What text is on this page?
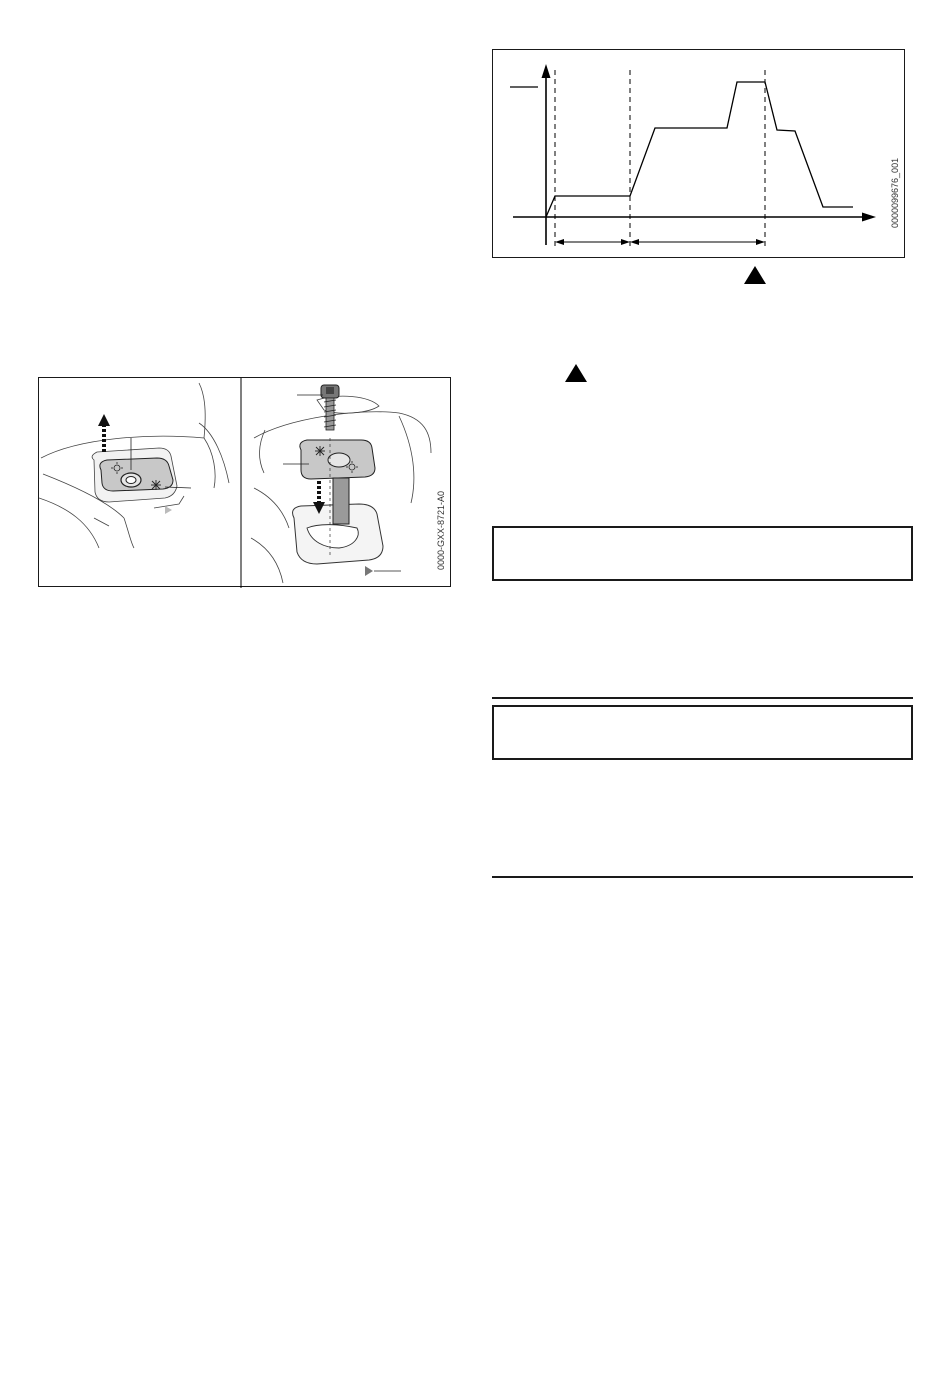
0000099676_001
0000-GXX-8721-A0
